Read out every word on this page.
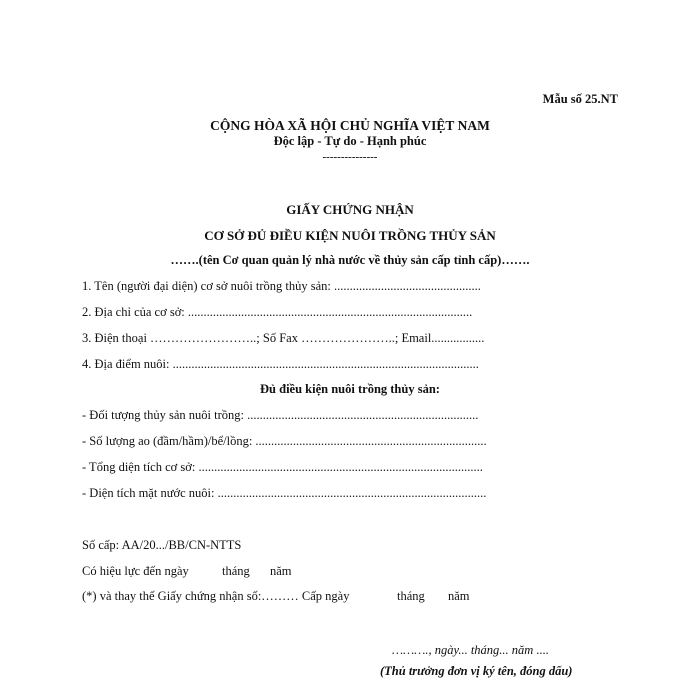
Mẫu số 25.NT
CỘNG HÒA XÃ HỘI CHỦ NGHĨA VIỆT NAM
Độc lập - Tự do - Hạnh phúc
---------------
GIẤY CHỨNG NHẬN
CƠ SỞ ĐỦ ĐIỀU KIỆN NUÔI TRỒNG THỦY SẢN
…….(tên Cơ quan quản lý nhà nước về thủy sản cấp tỉnh cấp)…….
1. Tên (người đại diện) cơ sở nuôi trồng thủy sản: ...............................................
2. Địa chỉ của cơ sở: ...........................................................................................
3. Điện thoại ……………………..; Số Fax …………………..; Email.................
4. Địa điểm nuôi: ..................................................................................................
Đủ điều kiện nuôi trồng thủy sản:
- Đối tượng thủy sản nuôi trồng: ..........................................................................
- Số lượng ao (đầm/hầm)/bể/lồng: ..........................................................................
- Tổng diện tích cơ sở: ...........................................................................................
- Diện tích mặt nước nuôi: ......................................................................................
Số cấp: AA/20.../BB/CN-NTTS
Có hiệu lực đến ngày	tháng năm
(*) và thay thế Giấy chứng nhận số:……… Cấp ngày	tháng năm
………., ngày... tháng... năm ....
(Thủ trưởng đơn vị ký tên, đóng dấu)
